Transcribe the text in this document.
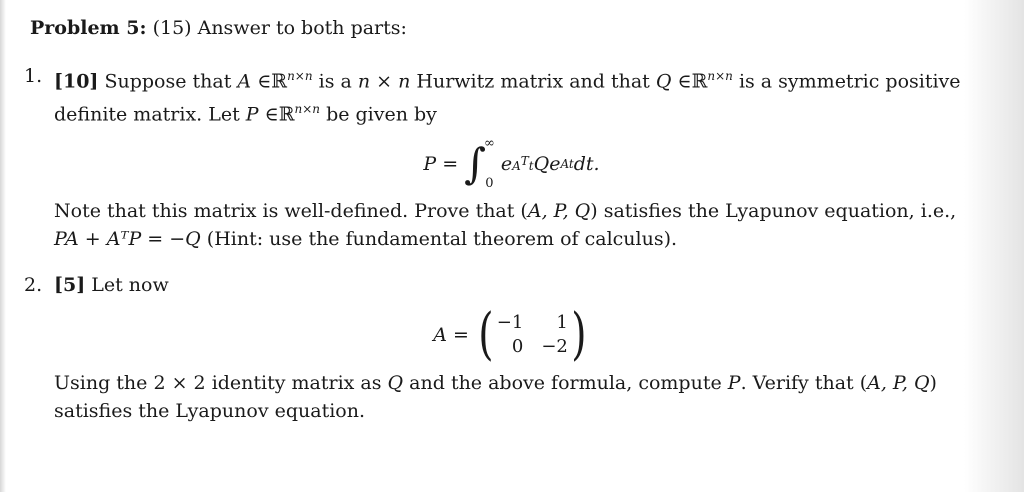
Problem 5: (15) Answer to both parts:
1. [10] Suppose that A ∈ℝ$^{n\times n}$ is a n × n Hurwitz matrix and that Q ∈ℝ$^{n\times n}$ is a symmetric positive definite matrix. Let P ∈ℝ$^{n\times n}$ be given by

P = ∫
∞
0
e $A^Tt$ Q e At dt.

Note that this matrix is well-defined. Prove that (A, P, Q) satisfies the Lyapunov equation, i.e., PA + AᵀP = −Q (Hint: use the fundamental theorem of calculus).

2. [5] Let now

A = ( −1	1
0 −2 )

Using the 2 × 2 identity matrix as Q and the above formula, compute P. Verify that (A, P, Q) satisfies the Lyapunov equation.
